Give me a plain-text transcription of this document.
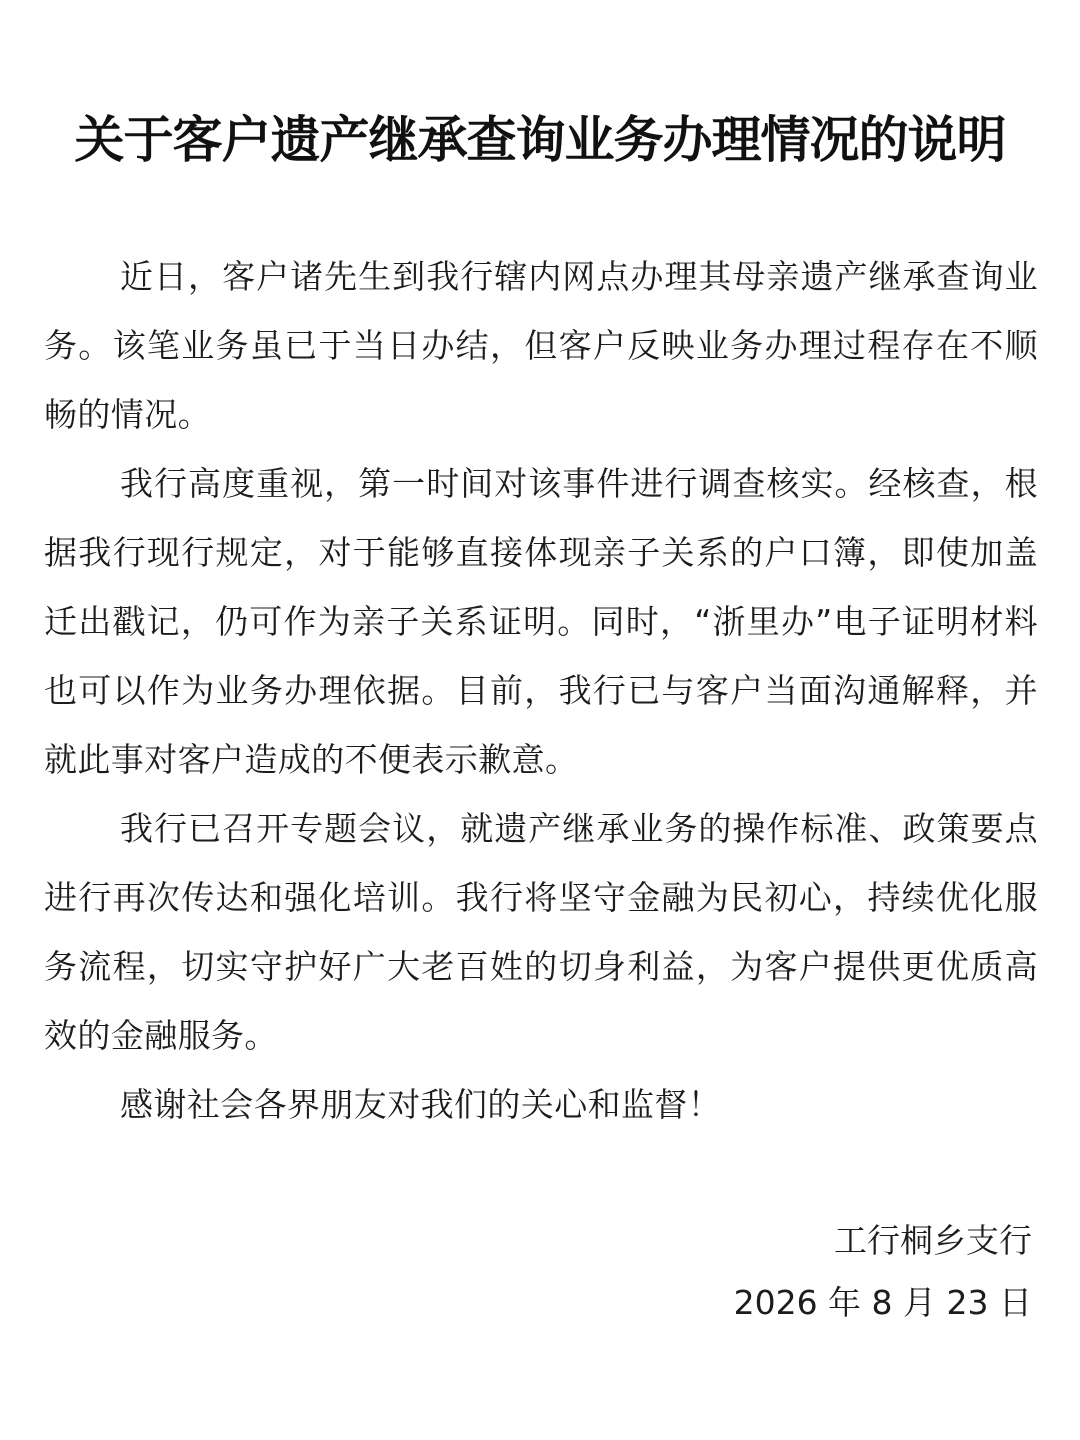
关于客户遗产继承查询业务办理情况的说明

近日，客户诸先生到我行辖内网点办理其母亲遗产继承查询业务。该笔业务虽已于当日办结，但客户反映业务办理过程存在不顺畅的情况。

我行高度重视，第一时间对该事件进行调查核实。经核查，根据我行现行规定，对于能够直接体现亲子关系的户口簿，即使加盖迁出戳记，仍可作为亲子关系证明。同时，“浙里办”电子证明材料也可以作为业务办理依据。目前，我行已与客户当面沟通解释，并就此事对客户造成的不便表示歉意。

我行已召开专题会议，就遗产继承业务的操作标准、政策要点进行再次传达和强化培训。我行将坚守金融为民初心，持续优化服务流程，切实守护好广大老百姓的切身利益，为客户提供更优质高效的金融服务。

感谢社会各界朋友对我们的关心和监督！

工行桐乡支行
2026 年 8 月 23 日
